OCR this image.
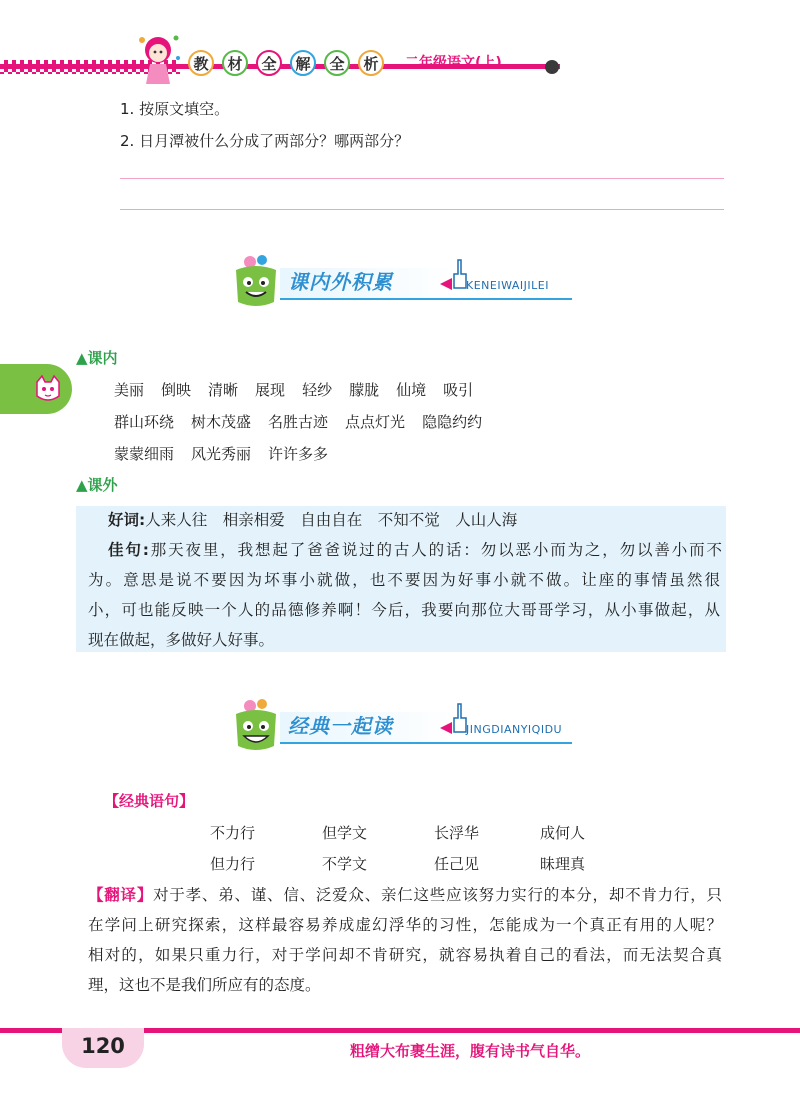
教	材	全	解	全	析	二年级语文(上)
1. 按原文填空。
2. 日月潭被什么分成了两部分？哪两部分？
课内外积累	KENEIWAIJILEI
▲课内
美丽 倒映 清晰 展现 轻纱 朦胧 仙境 吸引
群山环绕 树木茂盛 名胜古迹 点点灯光 隐隐约约
蒙蒙细雨 风光秀丽 许许多多
▲课外
好词:人来人往　相亲相爱　自由自在　不知不觉　人山人海
佳句:那天夜里，我想起了爸爸说过的古人的话：勿以恶小而为之，勿以善小而不
为。意思是说不要因为坏事小就做，也不要因为好事小就不做。让座的事情虽然很
小，可也能反映一个人的品德修养啊！今后，我要向那位大哥哥学习，从小事做起，从
现在做起，多做好人好事。
经典一起读	JINGDIANYIQIDU
【经典语句】
不力行	但学文	长浮华	成何人
但力行	不学文	任己见	昧理真
【翻译】对于孝、弟、谨、信、泛爱众、亲仁这些应该努力实行的本分，却不肯力行，只
在学问上研究探索，这样最容易养成虚幻浮华的习性，怎能成为一个真正有用的人呢？
相对的，如果只重力行，对于学问却不肯研究，就容易执着自己的看法，而无法契合真
理，这也不是我们所应有的态度。
120	粗缯大布裹生涯，腹有诗书气自华。
